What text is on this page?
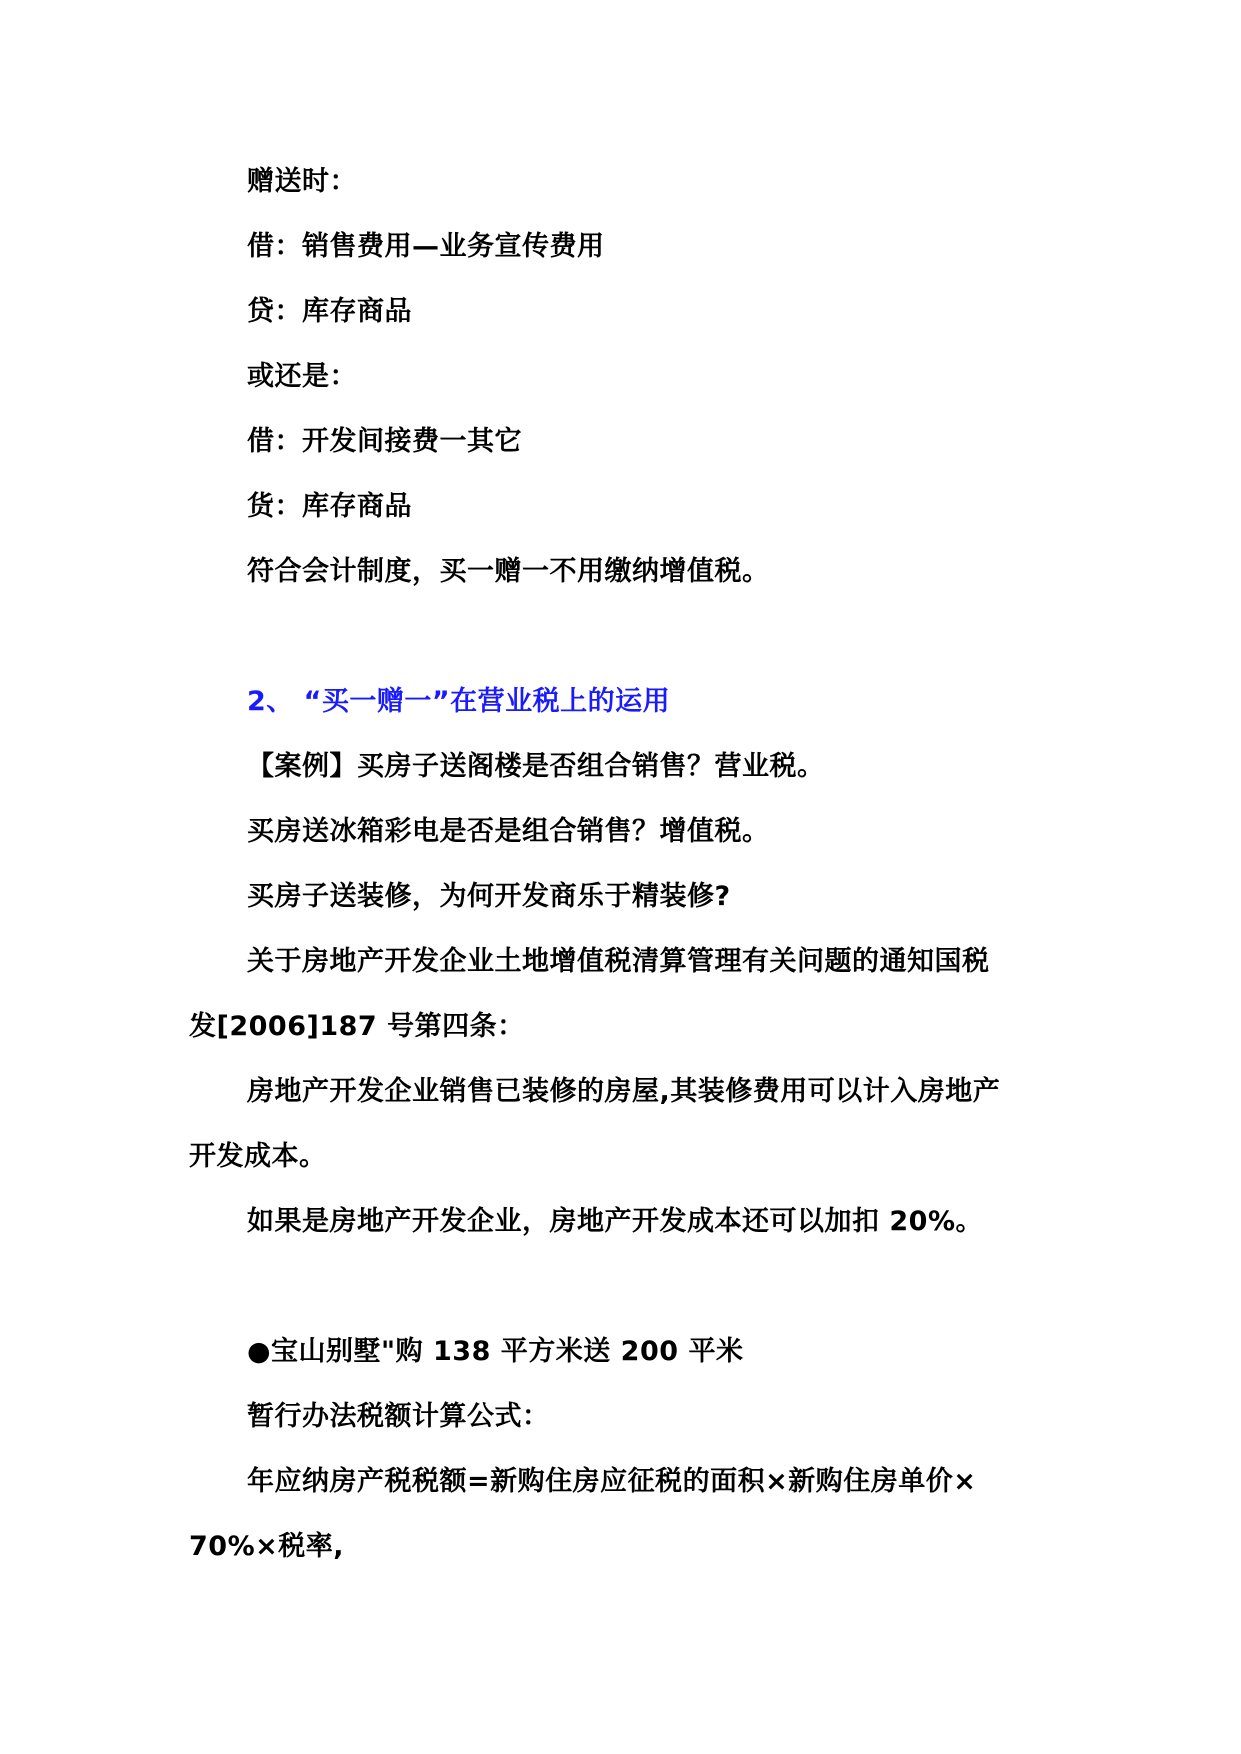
赠送时：
借：销售费用—业务宣传费用
贷：库存商品
或还是：
借：开发间接费一其它
货：库存商品
符合会计制度，买一赠一不用缴纳增值税。
2、 “买一赠一”在营业税上的运用
【案例】买房子送阁楼是否组合销售？营业税。
买房送冰箱彩电是否是组合销售？增值税。
买房子送装修，为何开发商乐于精装修?
关于房地产开发企业土地增值税清算管理有关问题的通知国税
发[2006]187 号第四条：
房地产开发企业销售已装修的房屋,其装修费用可以计入房地产
开发成本。
如果是房地产开发企业，房地产开发成本还可以加扣 20%。
●宝山别墅"购 138 平方米送 200 平米
暂行办法税额计算公式：
年应纳房产税税额=新购住房应征税的面积×新购住房单价×
70%×税率,
